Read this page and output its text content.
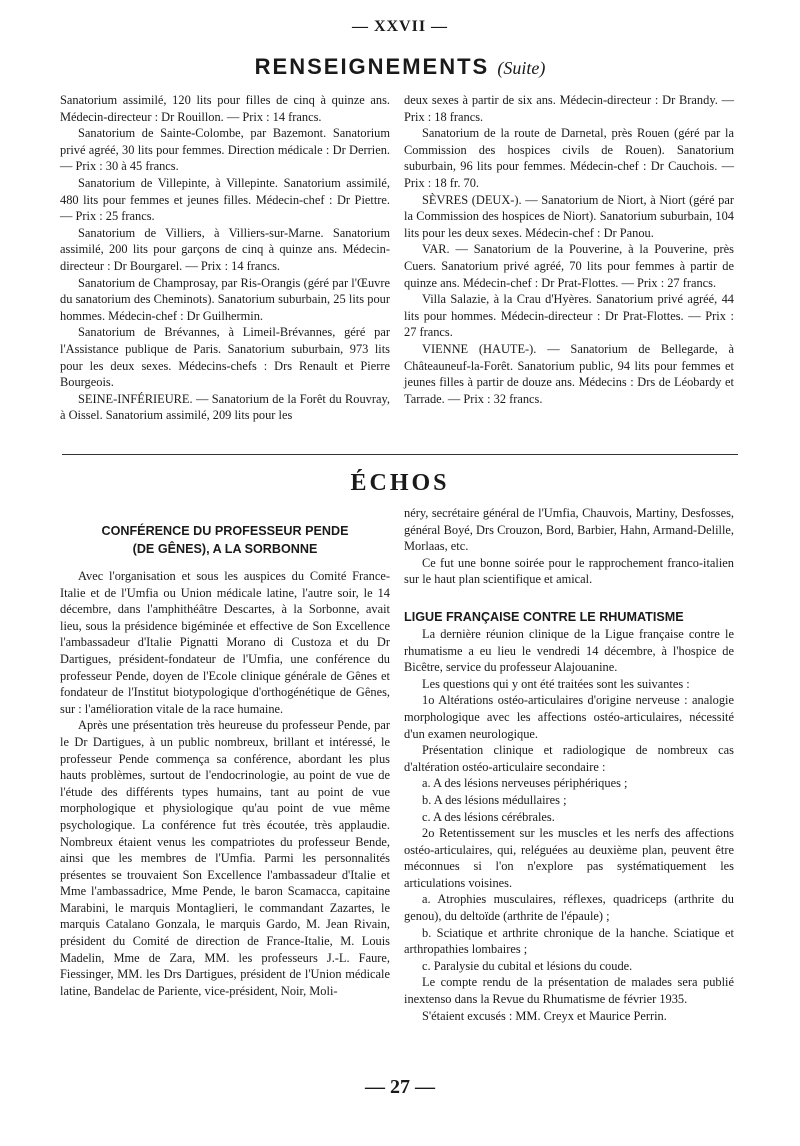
— XXVII —
RENSEIGNEMENTS (Suite)

Sanatorium assimilé, 120 lits pour filles de cinq à quinze ans. Médecin-directeur : Dr Rouillon. — Prix : 14 francs.

Sanatorium de Sainte-Colombe, par Bazemont. Sanatorium privé agréé, 30 lits pour femmes. Direction médicale : Dr Derrien. — Prix : 30 à 45 francs.

Sanatorium de Villepinte, à Villepinte. Sanatorium assimilé, 480 lits pour femmes et jeunes filles. Médecin-chef : Dr Piettre. — Prix : 25 francs.

Sanatorium de Villiers, à Villiers-sur-Marne. Sanatorium assimilé, 200 lits pour garçons de cinq à quinze ans. Médecin-directeur : Dr Bourgarel. — Prix : 14 francs.

Sanatorium de Champrosay, par Ris-Orangis (géré par l'Œuvre du sanatorium des Cheminots). Sanatorium suburbain, 25 lits pour hommes. Médecin-chef : Dr Guilhermin.

Sanatorium de Brévannes, à Limeil-Brévannes, géré par l'Assistance publique de Paris. Sanatorium suburbain, 973 lits pour les deux sexes. Médecins-chefs : Drs Renault et Pierre Bourgeois.

SEINE-INFÉRIEURE. — Sanatorium de la Forêt du Rouvray, à Oissel. Sanatorium assimilé, 209 lits pour les

deux sexes à partir de six ans. Médecin-directeur : Dr Brandy. — Prix : 18 francs.

Sanatorium de la route de Darnetal, près Rouen (géré par la Commission des hospices civils de Rouen). Sanatorium suburbain, 96 lits pour femmes. Médecin-chef : Dr Cauchois. — Prix : 18 fr. 70.

SÈVRES (DEUX-). — Sanatorium de Niort, à Niort (géré par la Commission des hospices de Niort). Sanatorium suburbain, 104 lits pour les deux sexes. Médecin-chef : Dr Panou.

VAR. — Sanatorium de la Pouverine, à la Pouverine, près Cuers. Sanatorium privé agréé, 70 lits pour femmes à partir de quinze ans. Médecin-chef : Dr Prat-Flottes. — Prix : 27 francs.

Villa Salazie, à la Crau d'Hyères. Sanatorium privé agréé, 44 lits pour hommes. Médecin-directeur : Dr Prat-Flottes. — Prix : 27 francs.

VIENNE (HAUTE-). — Sanatorium de Bellegarde, à Châteauneuf-la-Forêt. Sanatorium public, 94 lits pour femmes et jeunes filles à partir de douze ans. Médecins : Drs de Léobardy et Tarrade. — Prix : 32 francs.

ÉCHOS
CONFÉRENCE DU PROFESSEUR PENDE
(DE GÊNES), A LA SORBONNE

Avec l'organisation et sous les auspices du Comité France-Italie et de l'Umfia ou Union médicale latine, l'autre soir, le 14 décembre, dans l'amphithéâtre Descartes, à la Sorbonne, avait lieu, sous la présidence bigéminée et effective de Son Excellence l'ambassadeur d'Italie Pignatti Morano di Custoza et du Dr Dartigues, président-fondateur de l'Umfia, une conférence du professeur Pende, doyen de l'Ecole clinique générale de Gênes et fondateur de l'Institut biotypologique d'orthogénétique de Gênes, sur : l'amélioration vitale de la race humaine.

Après une présentation très heureuse du professeur Pende, par le Dr Dartigues, à un public nombreux, brillant et intéressé, le professeur Pende commença sa conférence, abordant les plus hauts problèmes, surtout de l'endocrinologie, au point de vue de l'étude des différents types humains, tant au point de vue morphologique et physiologique qu'au point de vue même psychologique. La conférence fut très écoutée, très applaudie. Nombreux étaient venus les compatriotes du professeur Bende, ainsi que les membres de l'Umfia. Parmi les personnalités présentes se trouvaient Son Excellence l'ambassadeur d'Italie et Mme l'ambassadrice, Mme Pende, le baron Scamacca, capitaine Marabini, le marquis Montaglieri, le commandant Zazartes, le marquis Catalano Gonzala, le marquis Gardo, M. Jean Rivain, président du Comité de direction de France-Italie, M. Louis Madelin, Mme de Zara, MM. les professeurs J.-L. Faure, Fiessinger, MM. les Drs Dartigues, président de l'Union médicale latine, Bandelac de Pariente, vice-président, Noir, Moli-

néry, secrétaire général de l'Umfia, Chauvois, Martiny, Desfosses, général Boyé, Drs Crouzon, Bord, Barbier, Hahn, Armand-Delille, Morlaas, etc.

Ce fut une bonne soirée pour le rapprochement franco-italien sur le haut plan scientifique et amical.

La dernière réunion clinique de la Ligue française contre le rhumatisme a eu lieu le vendredi 14 décembre, à l'hospice de Bicêtre, service du professeur Alajouanine.

Les questions qui y ont été traitées sont les suivantes :

1o Altérations ostéo-articulaires d'origine nerveuse : analogie morphologique avec les affections ostéo-articulaires, nécessité d'un examen neurologique.

Présentation clinique et radiologique de nombreux cas d'altération ostéo-articulaire secondaire :

a. A des lésions nerveuses périphériques ;

b. A des lésions médullaires ;

c. A des lésions cérébrales.

2o Retentissement sur les muscles et les nerfs des affections ostéo-articulaires, qui, reléguées au deuxième plan, peuvent être méconnues si l'on n'explore pas systématiquement les articulations voisines.

a. Atrophies musculaires, réflexes, quadriceps (arthrite du genou), du deltoïde (arthrite de l'épaule) ;

b. Sciatique et arthrite chronique de la hanche. Sciatique et arthropathies lombaires ;

c. Paralysie du cubital et lésions du coude.

Le compte rendu de la présentation de malades sera publié inextenso dans la Revue du Rhumatisme de février 1935.

S'étaient excusés : MM. Creyx et Maurice Perrin.

LIGUE FRANÇAISE CONTRE LE RHUMATISME
— 27 —
